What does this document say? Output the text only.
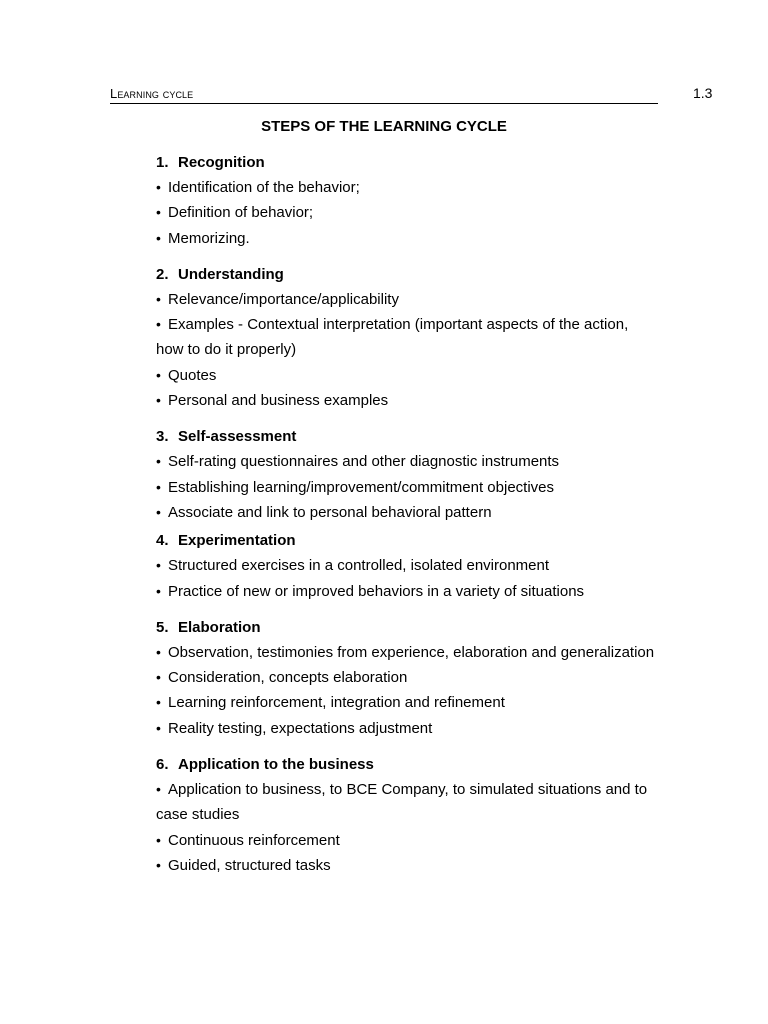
Learning cycle	1.3
STEPS OF THE LEARNING CYCLE
1. Recognition
• Identification of the behavior;
• Definition of behavior;
• Memorizing.
2. Understanding
• Relevance/importance/applicability
• Examples - Contextual interpretation (important aspects of the action, how to do it properly)
• Quotes
• Personal and business examples
3. Self-assessment
• Self-rating questionnaires and other diagnostic instruments
• Establishing learning/improvement/commitment objectives
• Associate and link to personal behavioral pattern
4. Experimentation
• Structured exercises in a controlled, isolated environment
• Practice of new or improved behaviors in a variety of situations
5. Elaboration
• Observation, testimonies from experience, elaboration and generalization
• Consideration, concepts elaboration
• Learning reinforcement, integration and refinement
• Reality testing, expectations adjustment
6. Application to the business
• Application to business, to BCE Company, to simulated situations and to case studies
• Continuous reinforcement
• Guided, structured tasks
